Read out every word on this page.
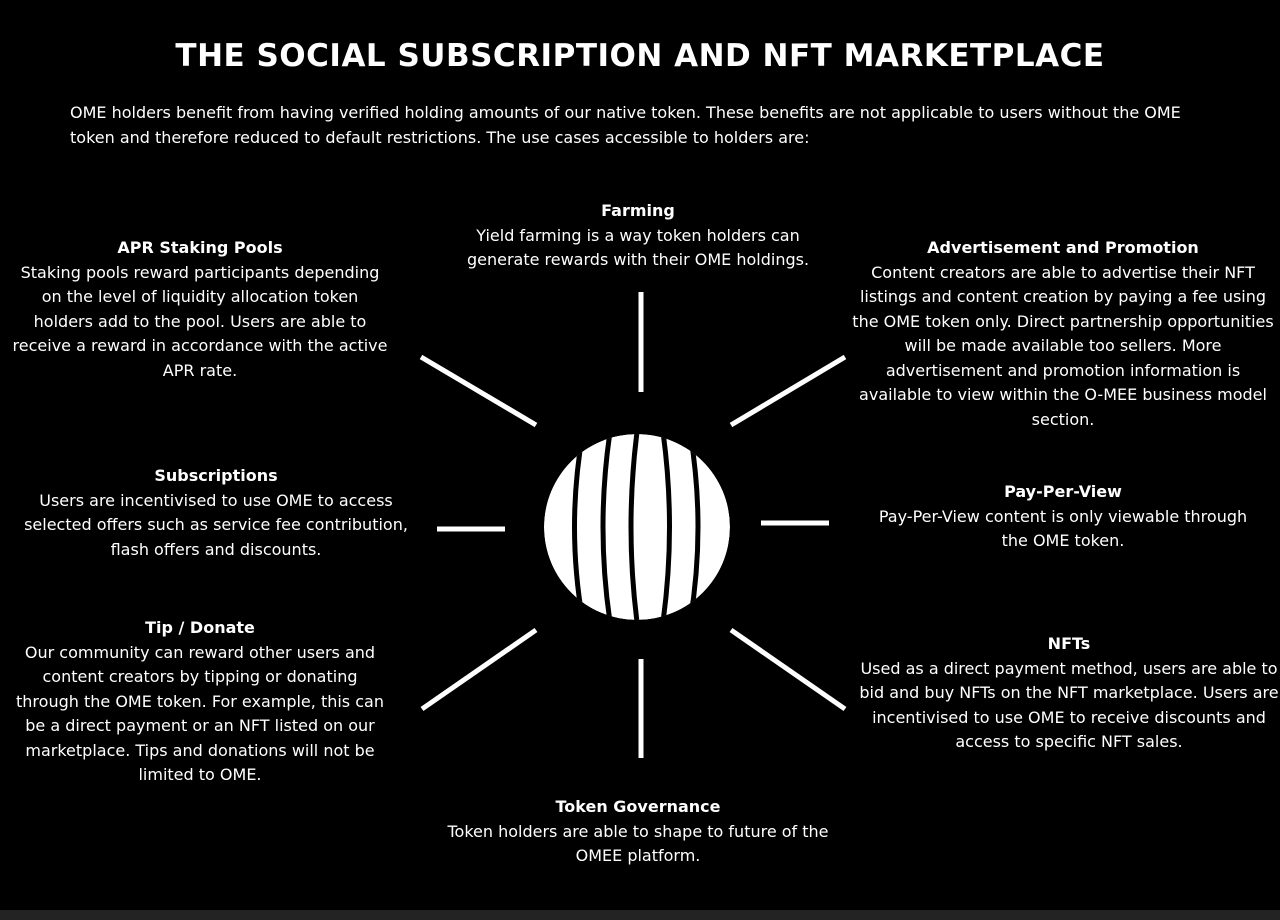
THE SOCIAL SUBSCRIPTION AND NFT MARKETPLACE

OME holders benefit from having verified holding amounts of our native token. These benefits are not applicable to users without the OME token and therefore reduced to default restrictions. The use cases accessible to holders are:

Farming

Yield farming is a way token holders can generate rewards with their OME holdings.

APR Staking Pools

Staking pools reward participants depending on the level of liquidity allocation token holders add to the pool. Users are able to receive a reward in accordance with the active APR rate.

Advertisement and Promotion

Content creators are able to advertise their NFT listings and content creation by paying a fee using the OME token only. Direct partnership opportunities will be made available too sellers. More advertisement and promotion information is available to view within the O-MEE business model section.

Subscriptions

Users are incentivised to use OME to access selected offers such as service fee contribution, flash offers and discounts.

Pay-Per-View

Pay-Per-View content is only viewable through the OME token.

Tip / Donate

Our community can reward other users and content creators by tipping or donating through the OME token. For example, this can be a direct payment or an NFT listed on our marketplace. Tips and donations will not be limited to OME.

NFTs

Used as a direct payment method, users are able to bid and buy NFTs on the NFT marketplace. Users are incentivised to use OME to receive discounts and access to specific NFT sales.

Token Governance

Token holders are able to shape to future of the OMEE platform.
